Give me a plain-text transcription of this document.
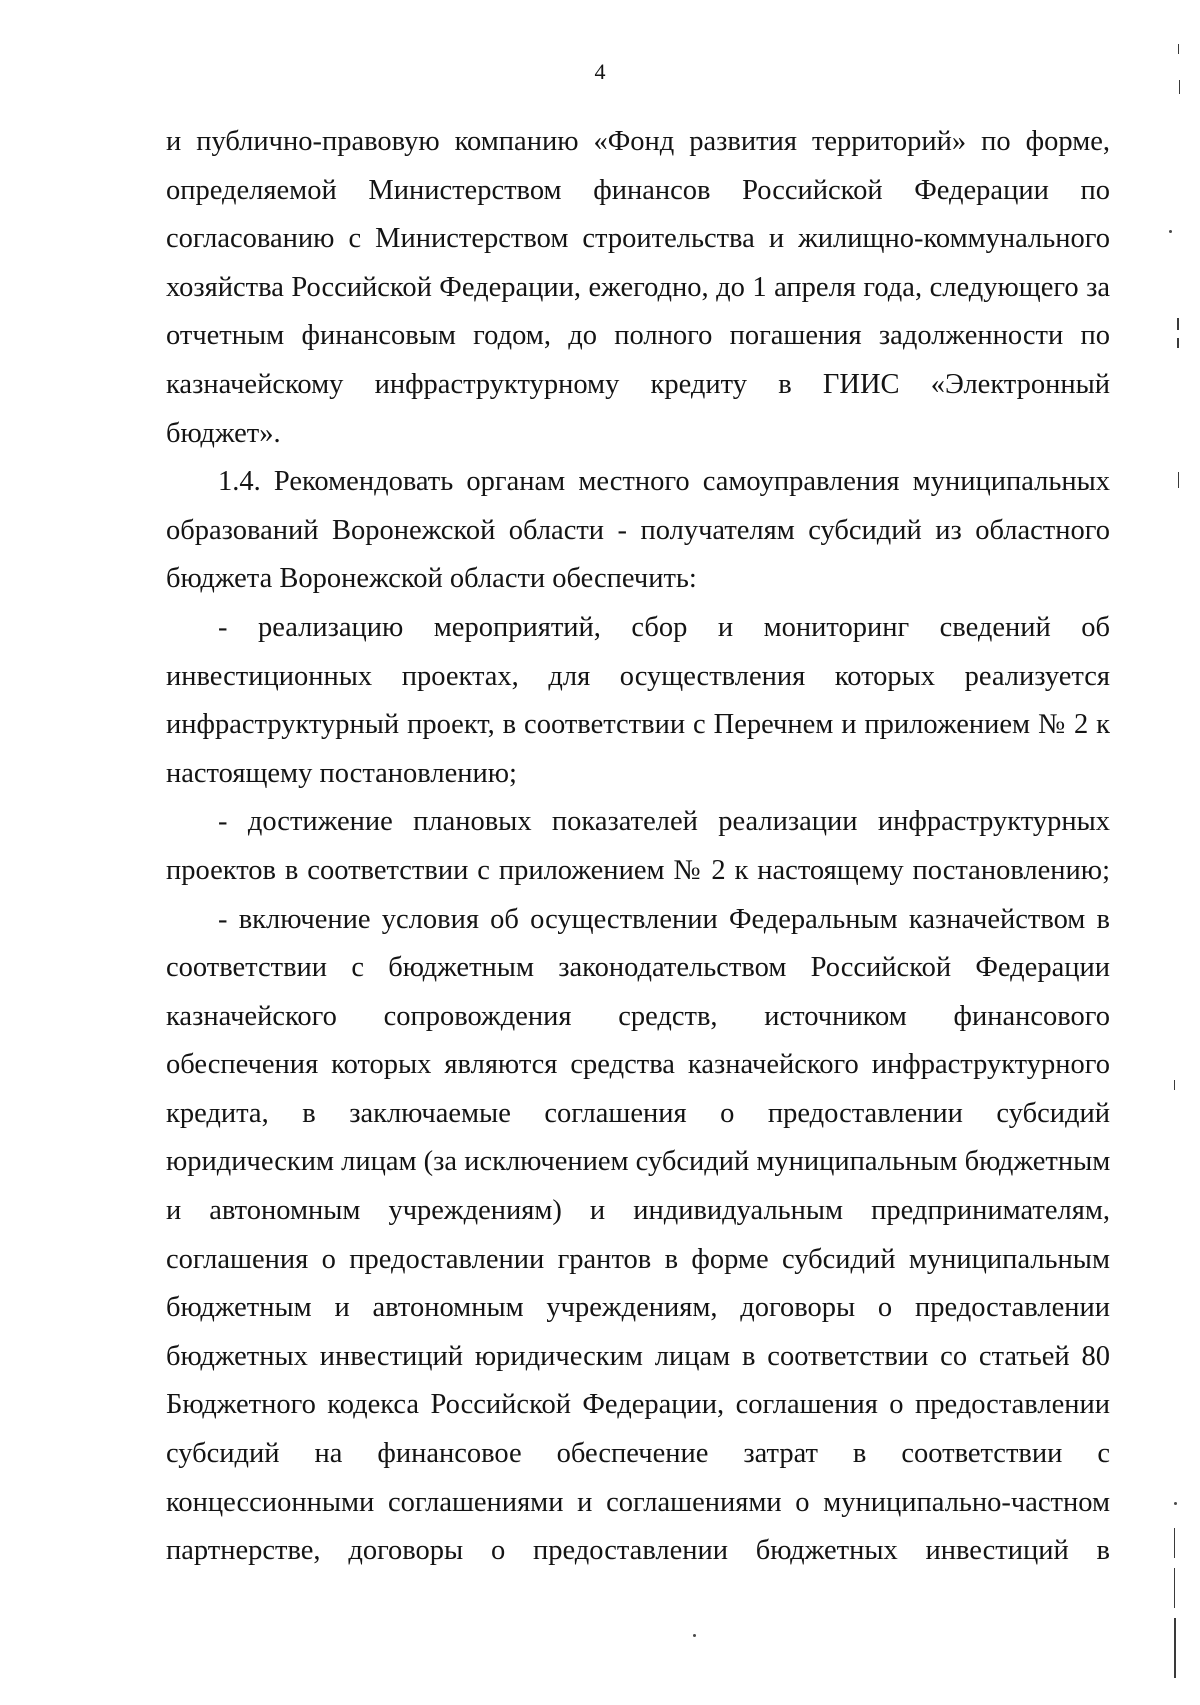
4
и публично-правовую компанию «Фонд развития территорий» по форме,
определяемой Министерством финансов Российской Федерации по
согласованию с Министерством строительства и жилищно-коммунального
хозяйства Российской Федерации, ежегодно, до 1 апреля года, следующего за
отчетным финансовым годом, до полного погашения задолженности по
казначейскому инфраструктурному кредиту в ГИИС «Электронный
бюджет».
1.4. Рекомендовать органам местного самоуправления муниципальных
образований Воронежской области - получателям субсидий из областного
бюджета Воронежской области обеспечить:
- реализацию мероприятий, сбор и мониторинг сведений об
инвестиционных проектах, для осуществления которых реализуется
инфраструктурный проект, в соответствии с Перечнем и приложением № 2 к
настоящему постановлению;
- достижение плановых показателей реализации инфраструктурных
проектов в соответствии с приложением № 2 к настоящему постановлению;
- включение условия об осуществлении Федеральным казначейством в
соответствии с бюджетным законодательством Российской Федерации
казначейского сопровождения средств, источником финансового
обеспечения которых являются средства казначейского инфраструктурного
кредита, в заключаемые соглашения о предоставлении субсидий
юридическим лицам (за исключением субсидий муниципальным бюджетным
и автономным учреждениям) и индивидуальным предпринимателям,
соглашения о предоставлении грантов в форме субсидий муниципальным
бюджетным и автономным учреждениям, договоры о предоставлении
бюджетных инвестиций юридическим лицам в соответствии со статьей 80
Бюджетного кодекса Российской Федерации, соглашения о предоставлении
субсидий на финансовое обеспечение затрат в соответствии с
концессионными соглашениями и соглашениями о муниципально-частном
партнерстве, договоры о предоставлении бюджетных инвестиций в
